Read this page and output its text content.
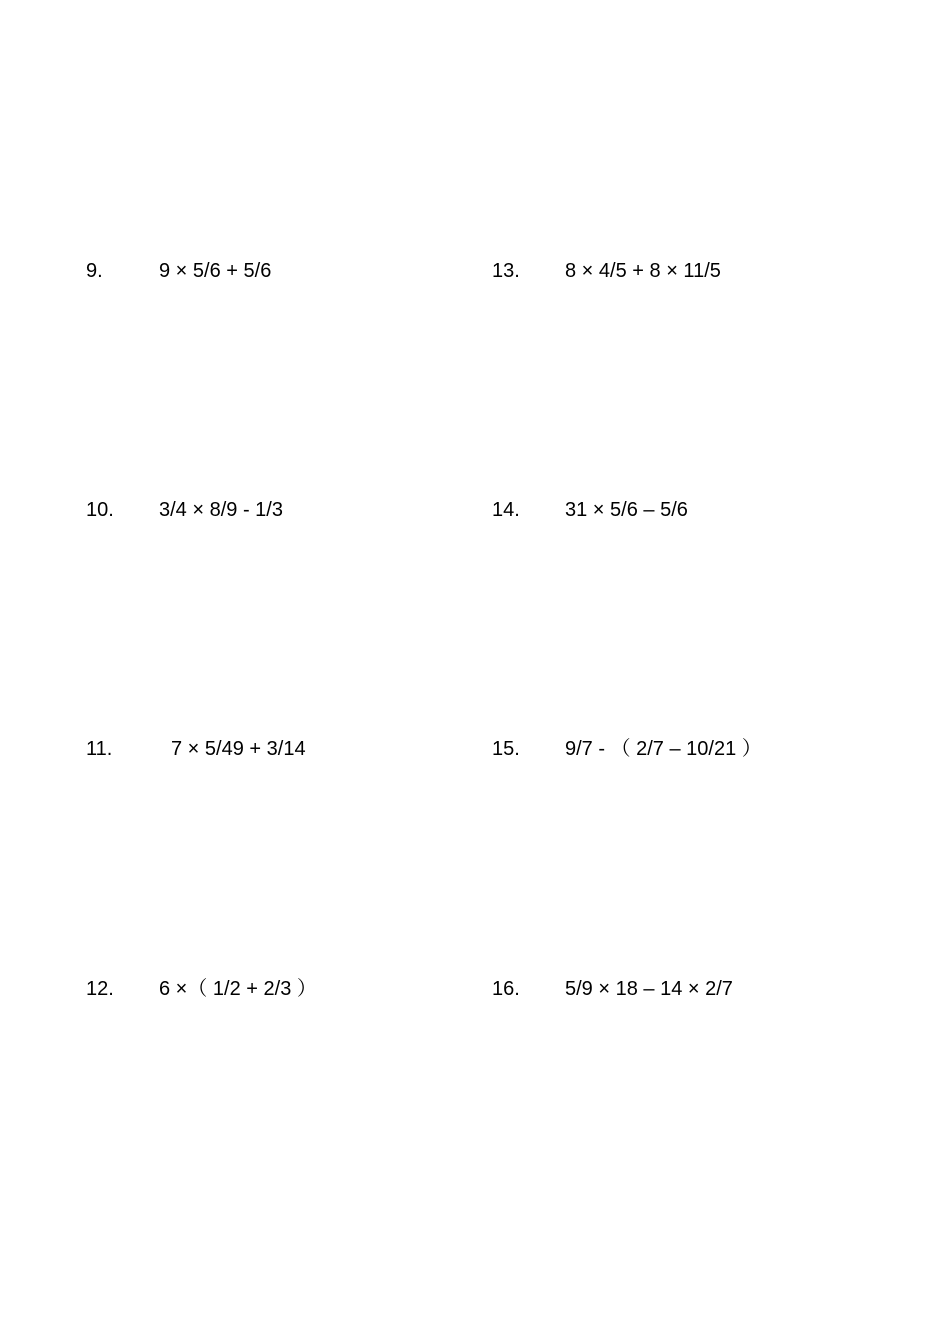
9.

	9 × 5/6 + 5/6

	13.

8 × 4/5 + 8 × 11/5

10.

3/4 × 8/9 - 1/3

	14.

31 × 5/6 – 5/6

11.

	7 × 5/49 + 3/14

	15.

9/7 - （ 2/7 – 10/21 ）

12.

6 ×（ 1/2 + 2/3 ）

	16.

5/9 × 18 – 14 × 2/7
